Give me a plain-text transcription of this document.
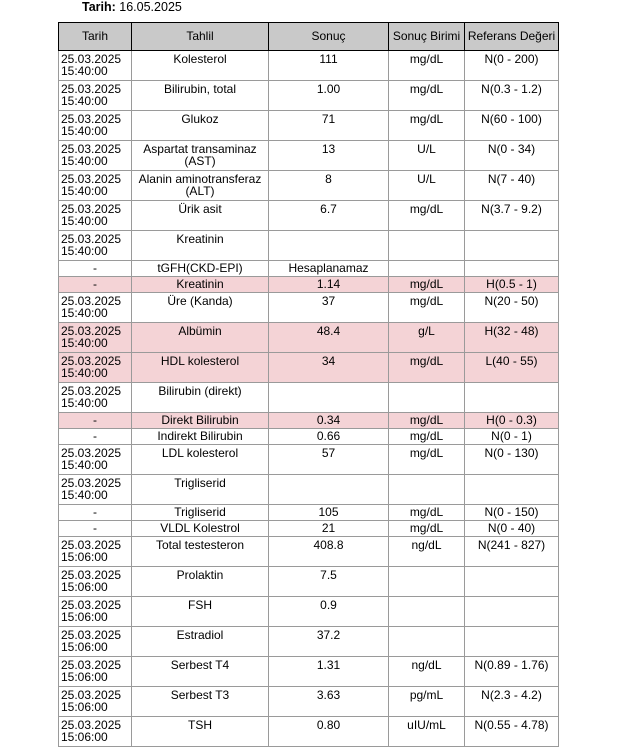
Tarih: 16.05.2025
Tarih	Tahlil	Sonuç	Sonuç Birimi	Referans Değeri

25.03.2025
15:40:00	Kolesterol	111	mg/dL	N(0 - 200)

25.03.2025
15:40:00	Bilirubin, total	1.00	mg/dL	N(0.3 - 1.2)

25.03.2025
15:40:00	Glukoz	71	mg/dL	N(60 - 100)

25.03.2025
15:40:00	Aspartat transaminaz (AST)	13	U/L	N(0 - 34)

25.03.2025
15:40:00	Alanin aminotransferaz (ALT)	8	U/L	N(7 - 40)

25.03.2025
15:40:00	Ürik asit	6.7	mg/dL	N(3.7 - 9.2)

25.03.2025
15:40:00	Kreatinin			

-	tGFH(CKD-EPI)	Hesaplanamaz		

-	Kreatinin	1.14	mg/dL	H(0.5 - 1)

25.03.2025
15:40:00	Üre (Kanda)	37	mg/dL	N(20 - 50)

25.03.2025
15:40:00	Albümin	48.4	g/L	H(32 - 48)

25.03.2025
15:40:00	HDL kolesterol	34	mg/dL	L(40 - 55)

25.03.2025
15:40:00	Bilirubin (direkt)			

-	Direkt Bilirubin	0.34	mg/dL	H(0 - 0.3)

-	Indirekt Bilirubin	0.66	mg/dL	N(0 - 1)

25.03.2025
15:40:00	LDL kolesterol	57	mg/dL	N(0 - 130)

25.03.2025
15:40:00	Trigliserid			

-	Trigliserid	105	mg/dL	N(0 - 150)

-	VLDL Kolestrol	21	mg/dL	N(0 - 40)

25.03.2025
15:06:00	Total testesteron	408.8	ng/dL	N(241 - 827)

25.03.2025
15:06:00	Prolaktin	7.5		

25.03.2025
15:06:00	FSH	0.9		

25.03.2025
15:06:00	Estradiol	37.2		

25.03.2025
15:06:00	Serbest T4	1.31	ng/dL	N(0.89 - 1.76)

25.03.2025
15:06:00	Serbest T3	3.63	pg/mL	N(2.3 - 4.2)

25.03.2025
15:06:00	TSH	0.80	uIU/mL	N(0.55 - 4.78)
